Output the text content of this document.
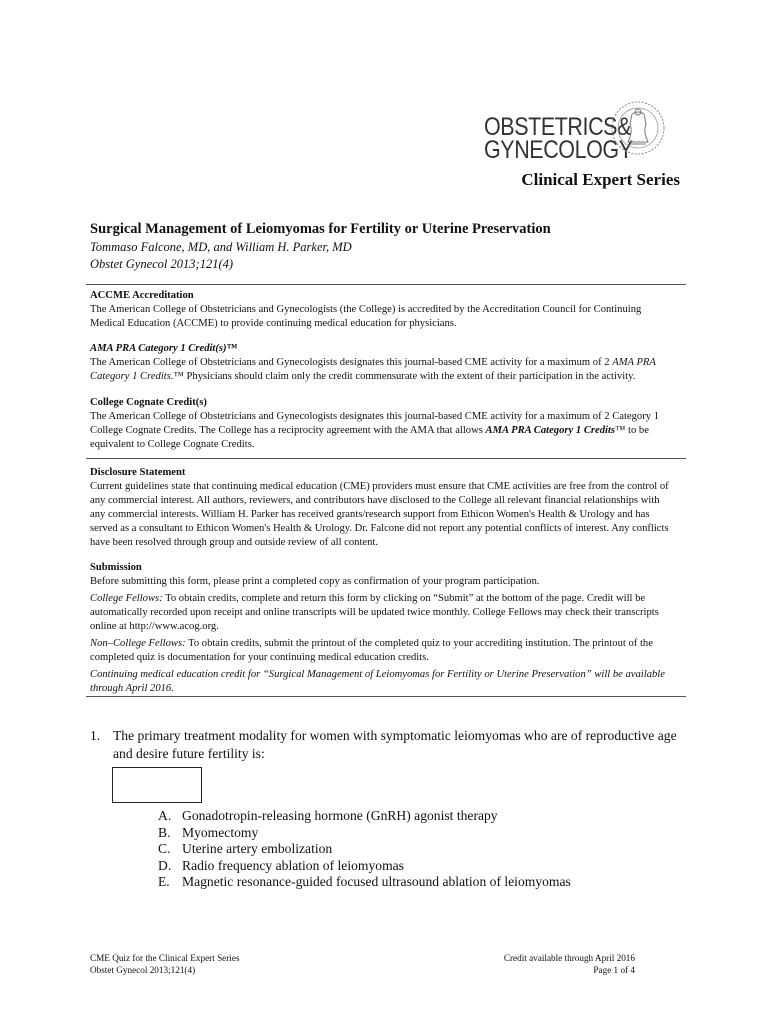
OBSTETRICS&
GYNECOLOGY
Clinical Expert Series
Surgical Management of Leiomyomas for Fertility or Uterine Preservation
Tommaso Falcone, MD, and William H. Parker, MD
Obstet Gynecol 2013;121(4)
ACCME Accreditation
The American College of Obstetricians and Gynecologists (the College) is accredited by the Accreditation Council for Continuing Medical Education (ACCME) to provide continuing medical education for physicians.
AMA PRA Category 1 Credit(s)™
The American College of Obstetricians and Gynecologists designates this journal-based CME activity for a maximum of 2 AMA PRA Category 1 Credits.™ Physicians should claim only the credit commensurate with the extent of their participation in the activity.
College Cognate Credit(s)
The American College of Obstetricians and Gynecologists designates this journal-based CME activity for a maximum of 2 Category 1 College Cognate Credits. The College has a reciprocity agreement with the AMA that allows AMA PRA Category 1 Credits™ to be equivalent to College Cognate Credits.
Disclosure Statement
Current guidelines state that continuing medical education (CME) providers must ensure that CME activities are free from the control of any commercial interest. All authors, reviewers, and contributors have disclosed to the College all relevant financial relationships with any commercial interests. William H. Parker has received grants/research support from Ethicon Women's Health & Urology and has served as a consultant to Ethicon Women's Health & Urology. Dr. Falcone did not report any potential conflicts of interest. Any conflicts have been resolved through group and outside review of all content.
Submission
Before submitting this form, please print a completed copy as confirmation of your program participation.
College Fellows: To obtain credits, complete and return this form by clicking on “Submit” at the bottom of the page. Credit will be automatically recorded upon receipt and online transcripts will be updated twice monthly. College Fellows may check their transcripts online at http://www.acog.org.
Non–College Fellows: To obtain credits, submit the printout of the completed quiz to your accrediting institution. The printout of the completed quiz is documentation for your continuing medical education credits.
Continuing medical education credit for “Surgical Management of Leiomyomas for Fertility or Uterine Preservation” will be available through April 2016.
1. The primary treatment modality for women with symptomatic leiomyomas who are of reproductive age and desire future fertility is:
A. Gonadotropin-releasing hormone (GnRH) agonist therapy
B. Myomectomy
C. Uterine artery embolization
D. Radio frequency ablation of leiomyomas
E. Magnetic resonance-guided focused ultrasound ablation of leiomyomas
CME Quiz for the Clinical Expert Series
Obstet Gynecol 2013;121(4)
Credit available through April 2016
Page 1 of 4
